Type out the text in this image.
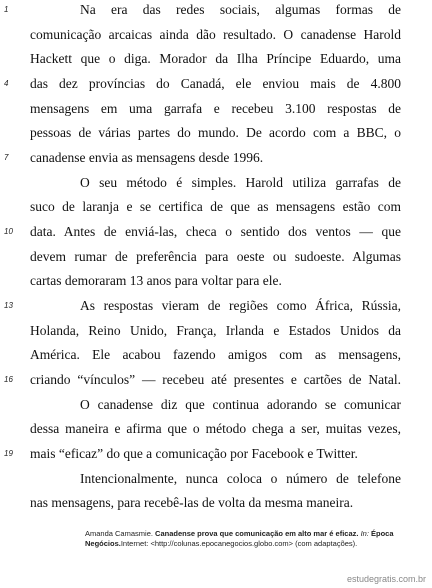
1
4
7
10
13
16
19
Na era das redes sociais, algumas formas de
comunicação arcaicas ainda dão resultado. O canadense Harold
Hackett que o diga. Morador da Ilha Príncipe Eduardo, uma
das dez províncias do Canadá, ele enviou mais de 4.800
mensagens em uma garrafa e recebeu 3.100 respostas de
pessoas de várias partes do mundo. De acordo com a BBC, o
canadense envia as mensagens desde 1996.
O seu método é simples. Harold utiliza garrafas de
suco de laranja e se certifica de que as mensagens estão com
data. Antes de enviá-las, checa o sentido dos ventos — que
devem rumar de preferência para oeste ou sudoeste. Algumas
cartas demoraram 13 anos para voltar para ele.
As respostas vieram de regiões como África, Rússia,
Holanda, Reino Unido, França, Irlanda e Estados Unidos da
América. Ele acabou fazendo amigos com as mensagens,
criando “vínculos” — recebeu até presentes e cartões de Natal.
O canadense diz que continua adorando se comunicar
dessa maneira e afirma que o método chega a ser, muitas vezes,
mais “eficaz” do que a comunicação por Facebook e Twitter.
Intencionalmente, nunca coloca o número de telefone
nas mensagens, para recebê-las de volta da mesma maneira.
Amanda Camasmie. Canadense prova que comunicação em alto mar é eficaz. In: Época Negócios.Internet: <http://colunas.epocanegocios.globo.com> (com adaptações).
estudegratis.com.br
